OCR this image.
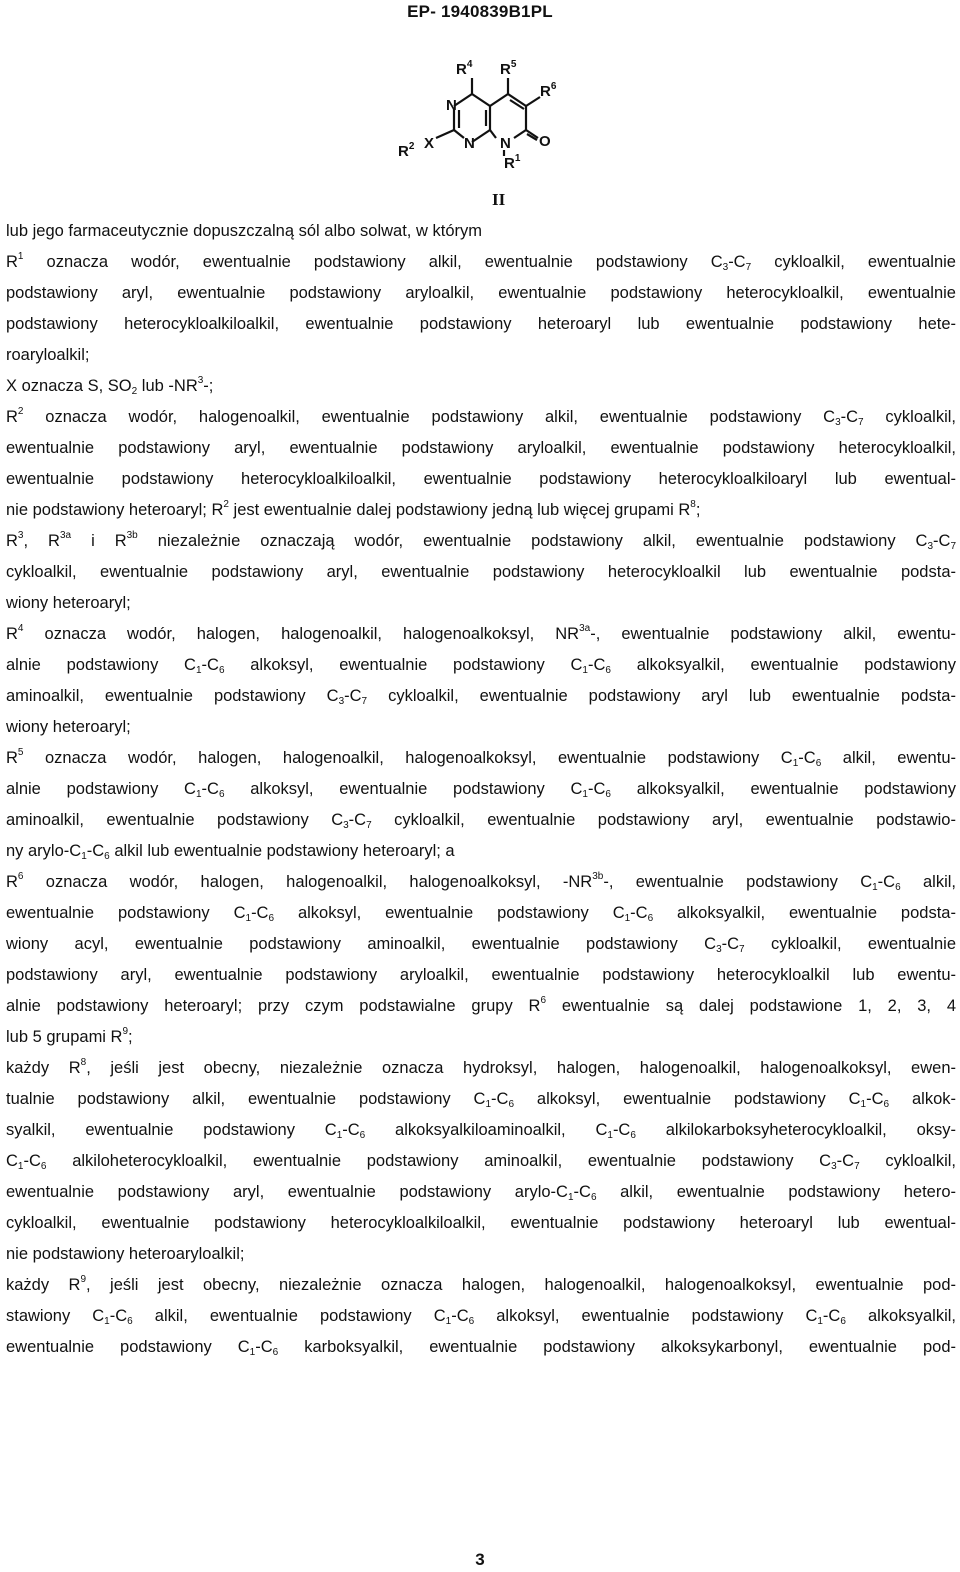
EP- 1940839B1PL
$R^4$ $R^5$
$R^6$
N
N N O
$R^2$ X
$R^1$
II
lub jego farmaceutycznie dopuszczalną sól albo solwat, w którym
$R^1$ oznacza wodór, ewentualnie podstawiony alkil, ewentualnie podstawiony $C_3-C_7$ cykloalkil, ewentualnie
podstawiony aryl, ewentualnie podstawiony aryloalkil, ewentualnie podstawiony heterocykloalkil, ewentualnie
podstawiony heterocykloalkiloalkil, ewentualnie podstawiony heteroaryl lub ewentualnie podstawiony hete-
roaryloalkil;
X oznacza S, $SO_2$ lub $-NR^3-$;
$R^2$ oznacza wodór, halogenoalkil, ewentualnie podstawiony alkil, ewentualnie podstawiony $C_3-C_7$ cykloalkil,
ewentualnie podstawiony aryl, ewentualnie podstawiony aryloalkil, ewentualnie podstawiony heterocykloalkil,
ewentualnie podstawiony heterocykloalkiloalkil, ewentualnie podstawiony heterocykloalkiloaryl lub ewentual-
nie podstawiony heteroaryl; $R^2$ jest ewentualnie dalej podstawiony jedną lub więcej grupami $R^8$;
$R^3$, $R^{3a}$ i $R^{3b}$ niezależnie oznaczają wodór, ewentualnie podstawiony alkil, ewentualnie podstawiony $C_3-C_7$
cykloalkil, ewentualnie podstawiony aryl, ewentualnie podstawiony heterocykloalkil lub ewentualnie podsta-
wiony heteroaryl;
$R^4$ oznacza wodór, halogen, halogenoalkil, halogenoalkoksyl, $NR^{3a}-$, ewentualnie podstawiony alkil, ewentu-
alnie podstawiony $C_1-C_6$ alkoksyl, ewentualnie podstawiony $C_1-C_6$ alkoksyalkil, ewentualnie podstawiony
aminoalkil, ewentualnie podstawiony $C_3-C_7$ cykloalkil, ewentualnie podstawiony aryl lub ewentualnie podsta-
wiony heteroaryl;
$R^5$ oznacza wodór, halogen, halogenoalkil, halogenoalkoksyl, ewentualnie podstawiony $C_1-C_6$ alkil, ewentu-
alnie podstawiony $C_1-C_6$ alkoksyl, ewentualnie podstawiony $C_1-C_6$ alkoksyalkil, ewentualnie podstawiony
aminoalkil, ewentualnie podstawiony $C_3-C_7$ cykloalkil, ewentualnie podstawiony aryl, ewentualnie podstawio-
ny arylo-$C_1-C_6$ alkil lub ewentualnie podstawiony heteroaryl; a
$R^6$ oznacza wodór, halogen, halogenoalkil, halogenoalkoksyl, $-NR^{3b}-$, ewentualnie podstawiony $C_1-C_6$ alkil,
ewentualnie podstawiony $C_1-C_6$ alkoksyl, ewentualnie podstawiony $C_1-C_6$ alkoksyalkil, ewentualnie podsta-
wiony acyl, ewentualnie podstawiony aminoalkil, ewentualnie podstawiony $C_3-C_7$ cykloalkil, ewentualnie
podstawiony aryl, ewentualnie podstawiony aryloalkil, ewentualnie podstawiony heterocykloalkil lub ewentu-
alnie podstawiony heteroaryl; przy czym podstawialne grupy $R^6$ ewentualnie są dalej podstawione 1, 2, 3, 4
lub 5 grupami $R^9$;
każdy $R^8$, jeśli jest obecny, niezależnie oznacza hydroksyl, halogen, halogenoalkil, halogenoalkoksyl, ewen-
tualnie podstawiony alkil, ewentualnie podstawiony $C_1-C_6$ alkoksyl, ewentualnie podstawiony $C_1-C_6$ alkok-
syalkil, ewentualnie podstawiony $C_1-C_6$ alkoksyalkiloaminoalkil, $C_1-C_6$ alkilokarboksyheterocykloalkil, oksy-
$C_1-C_6$ alkiloheterocykloalkil, ewentualnie podstawiony aminoalkil, ewentualnie podstawiony $C_3-C_7$ cykloalkil,
ewentualnie podstawiony aryl, ewentualnie podstawiony arylo-$C_1-C_6$ alkil, ewentualnie podstawiony hetero-
cykloalkil, ewentualnie podstawiony heterocykloalkiloalkil, ewentualnie podstawiony heteroaryl lub ewentual-
nie podstawiony heteroaryloalkil;
każdy $R^9$, jeśli jest obecny, niezależnie oznacza halogen, halogenoalkil, halogenoalkoksyl, ewentualnie pod-
stawiony $C_1-C_6$ alkil, ewentualnie podstawiony $C_1-C_6$ alkoksyl, ewentualnie podstawiony $C_1-C_6$ alkoksyalkil,
ewentualnie podstawiony $C_1-C_6$ karboksyalkil, ewentualnie podstawiony alkoksykarbonyl, ewentualnie pod-
3
